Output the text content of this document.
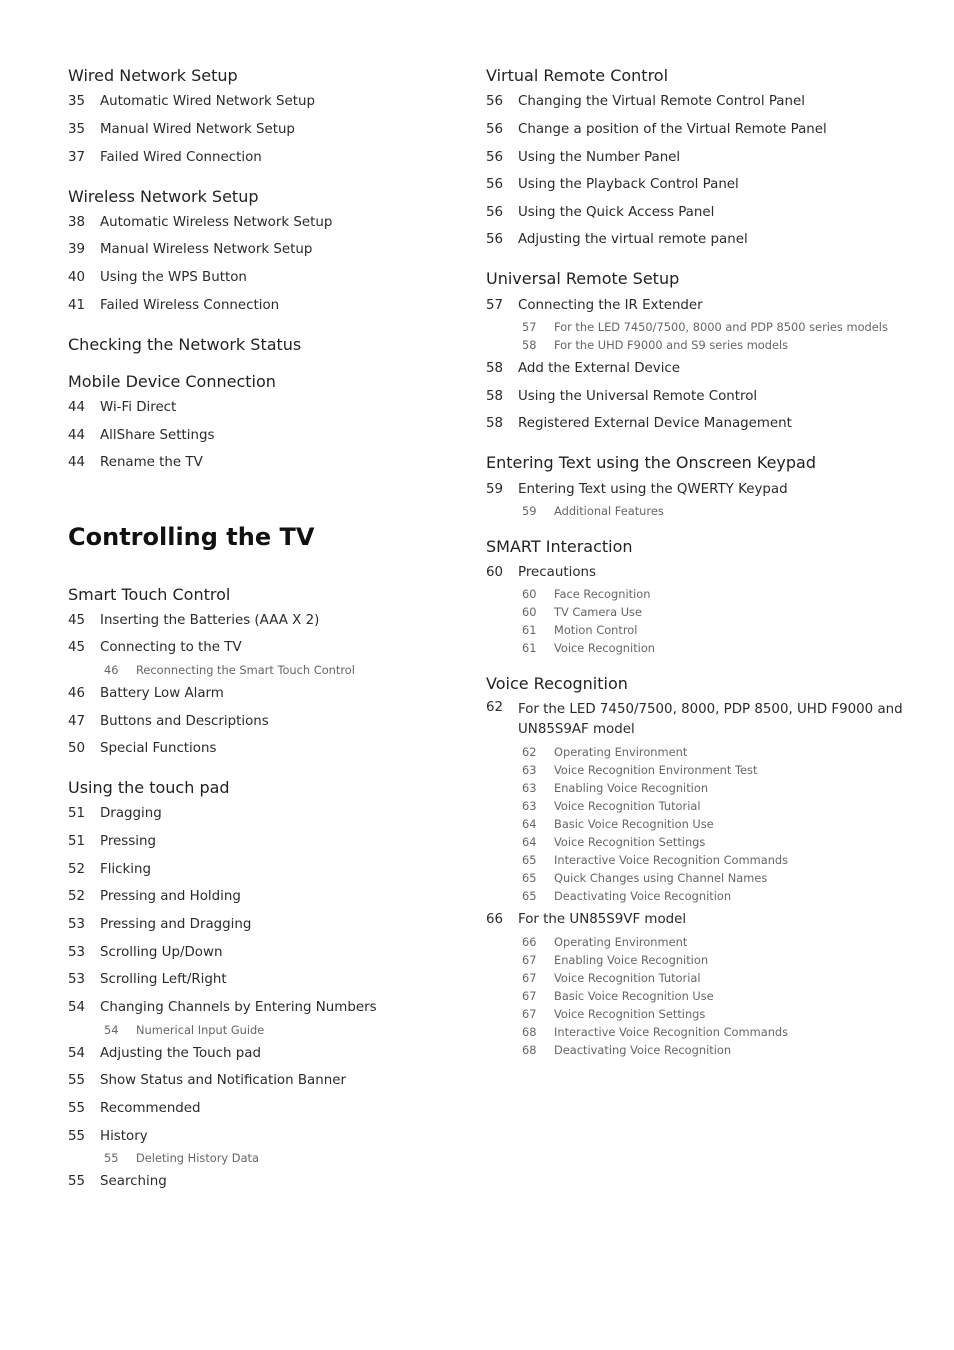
Wired Network Setup
35 Automatic Wired Network Setup
35 Manual Wired Network Setup
37 Failed Wired Connection
Wireless Network Setup
38 Automatic Wireless Network Setup
39 Manual Wireless Network Setup
40 Using the WPS Button
41 Failed Wireless Connection
Checking the Network Status
Mobile Device Connection
44 Wi-Fi Direct
44 AllShare Settings
44 Rename the TV
Controlling the TV
Smart Touch Control
45 Inserting the Batteries (AAA X 2)
45 Connecting to the TV
46 Reconnecting the Smart Touch Control
46 Battery Low Alarm
47 Buttons and Descriptions
50 Special Functions
Using the touch pad
51 Dragging
51 Pressing
52 Flicking
52 Pressing and Holding
53 Pressing and Dragging
53 Scrolling Up/Down
53 Scrolling Left/Right
54 Changing Channels by Entering Numbers
54 Numerical Input Guide
54 Adjusting the Touch pad
55 Show Status and Notification Banner
55 Recommended
55 History
55 Deleting History Data
55 Searching
Virtual Remote Control
56 Changing the Virtual Remote Control Panel
56 Change a position of the Virtual Remote Panel
56 Using the Number Panel
56 Using the Playback Control Panel
56 Using the Quick Access Panel
56 Adjusting the virtual remote panel
Universal Remote Setup
57 Connecting the IR Extender
57 For the LED 7450/7500, 8000 and PDP 8500 series models
58 For the UHD F9000 and S9 series models
58 Add the External Device
58 Using the Universal Remote Control
58 Registered External Device Management
Entering Text using the Onscreen Keypad
59 Entering Text using the QWERTY Keypad
59 Additional Features
SMART Interaction
60 Precautions
60 Face Recognition
60 TV Camera Use
61 Motion Control
61 Voice Recognition
Voice Recognition
62 For the LED 7450/7500, 8000, PDP 8500, UHD F9000 and UN85S9AF model
62 Operating Environment
63 Voice Recognition Environment Test
63 Enabling Voice Recognition
63 Voice Recognition Tutorial
64 Basic Voice Recognition Use
64 Voice Recognition Settings
65 Interactive Voice Recognition Commands
65 Quick Changes using Channel Names
65 Deactivating Voice Recognition
66 For the UN85S9VF model
66 Operating Environment
67 Enabling Voice Recognition
67 Voice Recognition Tutorial
67 Basic Voice Recognition Use
67 Voice Recognition Settings
68 Interactive Voice Recognition Commands
68 Deactivating Voice Recognition
